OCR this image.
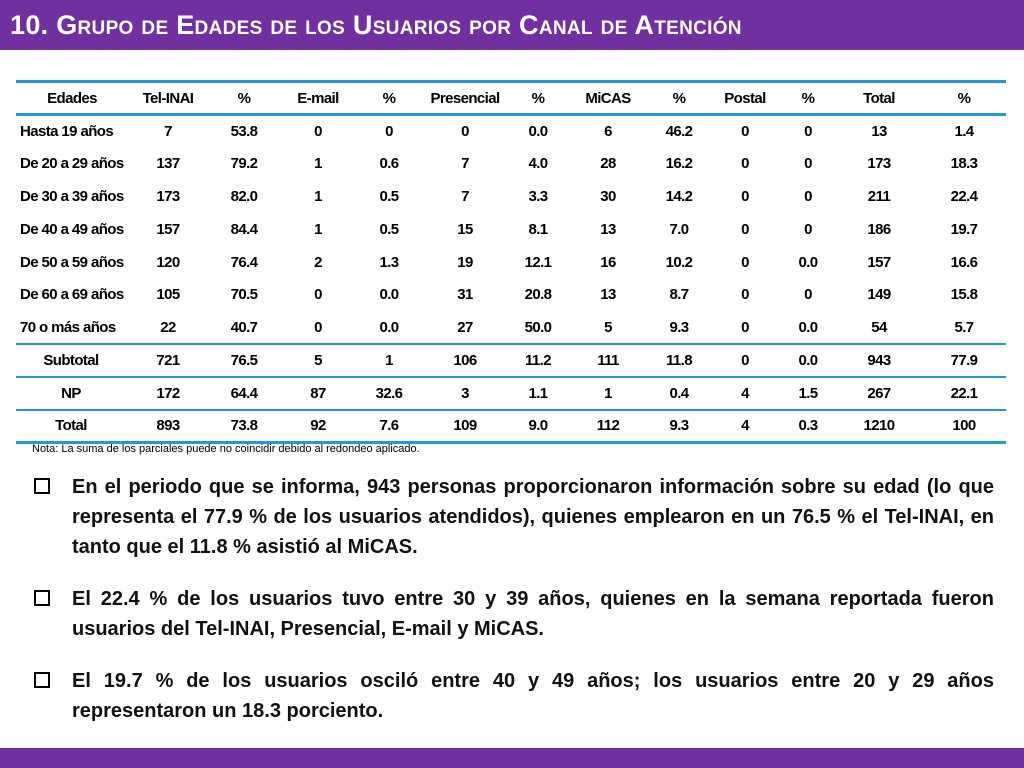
10. Grupo de Edades de los Usuarios por Canal de Atención
Edades	Tel-INAI	%	E-mail	%	Presencial	%	MiCAS	%	Postal	%	Total	%
Hasta 19 años	7	53.8	0	0	0	0.0	6	46.2	0	0	13	1.4
De 20 a 29 años	137	79.2	1	0.6	7	4.0	28	16.2	0	0	173	18.3
De 30 a 39 años	173	82.0	1	0.5	7	3.3	30	14.2	0	0	211	22.4
De 40 a 49 años	157	84.4	1	0.5	15	8.1	13	7.0	0	0	186	19.7
De 50 a 59 años	120	76.4	2	1.3	19	12.1	16	10.2	0	0.0	157	16.6
De 60 a 69 años	105	70.5	0	0.0	31	20.8	13	8.7	0	0	149	15.8
70 o más años	22	40.7	0	0.0	27	50.0	5	9.3	0	0.0	54	5.7
Subtotal	721	76.5	5	1	106	11.2	111	11.8	0	0.0	943	77.9
NP	172	64.4	87	32.6	3	1.1	1	0.4	4	1.5	267	22.1
Total	893	73.8	92	7.6	109	9.0	112	9.3	4	0.3	1210	100
Nota: La suma de los parciales puede no coincidir debido al redondeo aplicado.

En el periodo que se informa, 943 personas proporcionaron información sobre su edad (lo que representa el 77.9 % de los usuarios atendidos), quienes emplearon en un 76.5 % el Tel-INAI, en tanto que el 11.8 % asistió al MiCAS.

El 22.4 % de los usuarios tuvo entre 30 y 39 años, quienes en la semana reportada fueron usuarios del Tel-INAI, Presencial, E-mail y MiCAS.

El 19.7 % de los usuarios osciló entre 40 y 49 años; los usuarios entre 20 y 29 años representaron un 18.3 porciento.
